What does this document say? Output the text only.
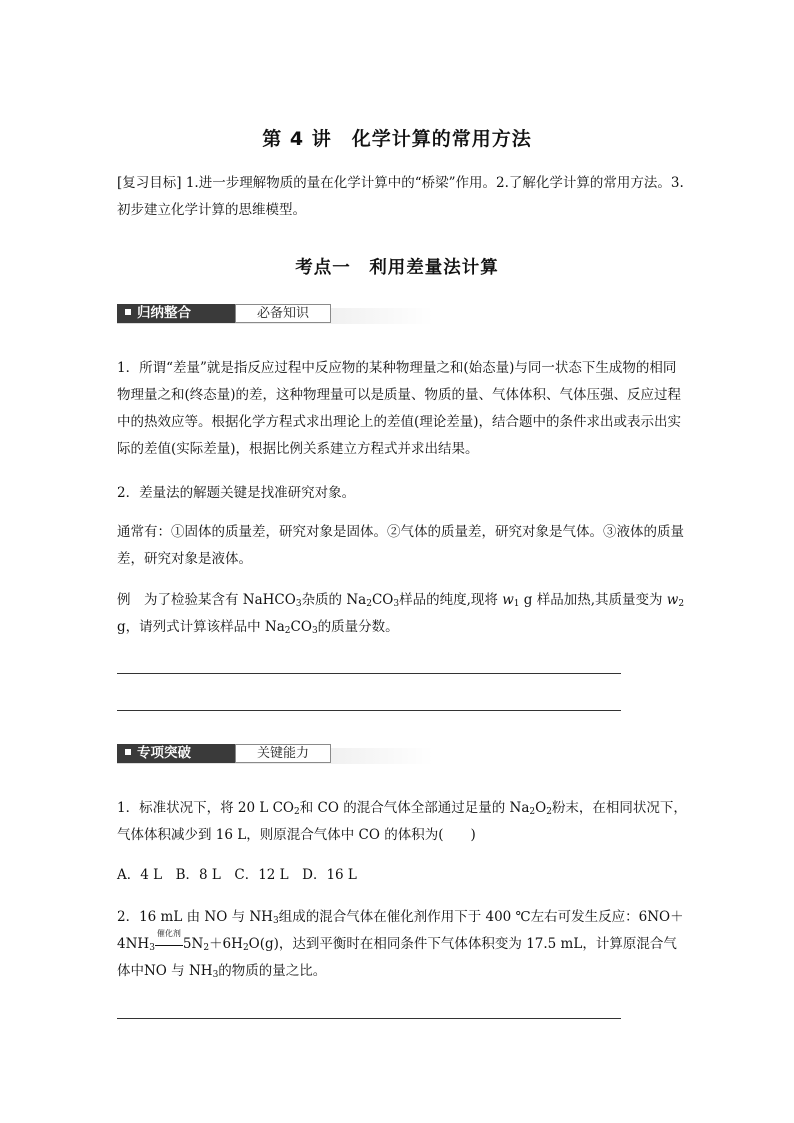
第 4 讲　化学计算的常用方法
[复习目标] 1.进一步理解物质的量在化学计算中的“桥梁”作用。2.了解化学计算的常用方法。3.初步建立化学计算的思维模型。
考点一　利用差量法计算
归纳整合	必备知识
1．所谓“差量”就是指反应过程中反应物的某种物理量之和(始态量)与同一状态下生成物的相同物理量之和(终态量)的差，这种物理量可以是质量、物质的量、气体体积、气体压强、反应过程中的热效应等。根据化学方程式求出理论上的差值(理论差量)，结合题中的条件求出或表示出实际的差值(实际差量)，根据比例关系建立方程式并求出结果。
2．差量法的解题关键是找准研究对象。
通常有：①固体的质量差，研究对象是固体。②气体的质量差，研究对象是气体。③液体的质量差，研究对象是液体。
例　为了检验某含有 NaHCO$_3$杂质的 $Na_2CO_3$样品的纯度,现将 $w_1$ g 样品加热,其质量变为 $w_2$ g，请列式计算该样品中 $Na_2CO_3$的质量分数。
专项突破	关键能力
1．标准状况下，将 20 L $CO_2$和 CO 的混合气体全部通过足量的 $Na_2O_2$粉末，在相同状况下，气体体积减少到 16 L，则原混合气体中 CO 的体积为(　　)
A．4 L　B．8 L　C．12 L　D．16 L
2．16 mL 由 NO 与 $NH_3$组成的混合气体在催化剂作用下于 400 ℃左右可发生反应：$6NO+4NH_3$
催化剂
$5N_2+6H_2O(g)$，达到平衡时在相同条件下气体体积变为 17.5 mL，计算原混合气体中NO 与 $NH_3$的物质的量之比。
